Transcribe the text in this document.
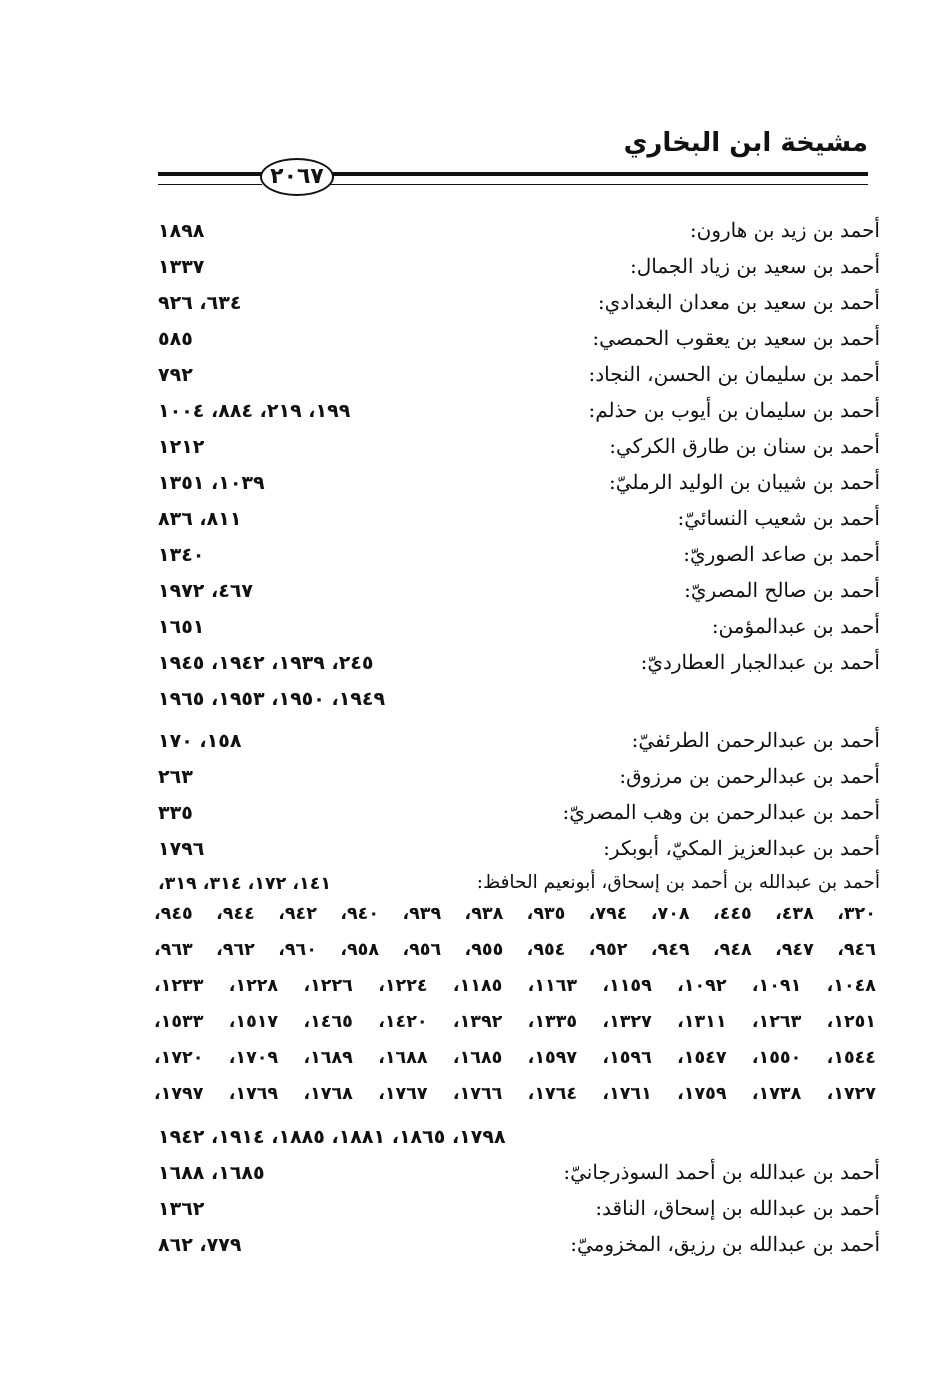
مشيخة ابن البخاري
٢٠٦٧
أحمد بن زيد بن هارون:
١٨٩٨
أحمد بن سعيد بن زياد الجمال:
١٣٣٧
أحمد بن سعيد بن معدان البغدادي:
٦٣٤، ٩٢٦
أحمد بن سعيد بن يعقوب الحمصي:
٥٨٥
أحمد بن سليمان بن الحسن، النجاد:
٧٩٢
أحمد بن سليمان بن أيوب بن حذلم:
١٩٩، ٢١٩، ٨٨٤، ١٠٠٤
أحمد بن سنان بن طارق الكركي:
١٢١٢
أحمد بن شيبان بن الوليد الرمليّ:
١٠٣٩، ١٣٥١
أحمد بن شعيب النسائيّ:
٨١١، ٨٣٦
أحمد بن صاعد الصوريّ:
١٣٤٠
أحمد بن صالح المصريّ:
٤٦٧، ١٩٧٢
أحمد بن عبدالمؤمن:
١٦٥١
أحمد بن عبدالجبار العطارديّ:
٢٤٥، ١٩٣٩، ١٩٤٢، ١٩٤٥
١٩٤٩، ١٩٥٠، ١٩٥٣، ١٩٦٥
أحمد بن عبدالرحمن الطرئفيّ:
١٥٨، ١٧٠
أحمد بن عبدالرحمن بن مرزوق:
٢٦٣
أحمد بن عبدالرحمن بن وهب المصريّ:
٣٣٥
أحمد بن عبدالعزيز المكيّ، أبوبكر:
١٧٩٦
أحمد بن عبدالله بن أحمد بن إسحاق، أبونعيم الحافظ:
١٤١، ١٧٢، ٣١٤، ٣١٩،
٣٢٠، ٤٣٨، ٤٤٥، ٧٠٨، ٧٩٤، ٩٣٥، ٩٣٨، ٩٣٩، ٩٤٠، ٩٤٢، ٩٤٤، ٩٤٥،
٩٤٦، ٩٤٧، ٩٤٨، ٩٤٩، ٩٥٢، ٩٥٤، ٩٥٥، ٩٥٦، ٩٥٨، ٩٦٠، ٩٦٢، ٩٦٣،
١٠٤٨، ١٠٩١، ١٠٩٢، ١١٥٩، ١١٦٣، ١١٨٥، ١٢٢٤، ١٢٢٦، ١٢٢٨، ١٢٣٣،
١٢٥١، ١٢٦٣، ١٣١١، ١٣٢٧، ١٣٣٥، ١٣٩٢، ١٤٢٠، ١٤٦٥، ١٥١٧، ١٥٣٣،
١٥٤٤، ١٥٥٠، ١٥٤٧، ١٥٩٦، ١٥٩٧، ١٦٨٥، ١٦٨٨، ١٦٨٩، ١٧٠٩، ١٧٢٠،
١٧٢٧، ١٧٣٨، ١٧٥٩، ١٧٦١، ١٧٦٤، ١٧٦٦، ١٧٦٧، ١٧٦٨، ١٧٦٩، ١٧٩٧،
١٧٩٨، ١٨٦٥، ١٨٨١، ١٨٨٥، ١٩١٤، ١٩٤٢
أحمد بن عبدالله بن أحمد السوذرجانيّ:
١٦٨٥، ١٦٨٨
أحمد بن عبدالله بن إسحاق، الناقد:
١٣٦٢
أحمد بن عبدالله بن رزيق، المخزوميّ:
٧٧٩، ٨٦٢
